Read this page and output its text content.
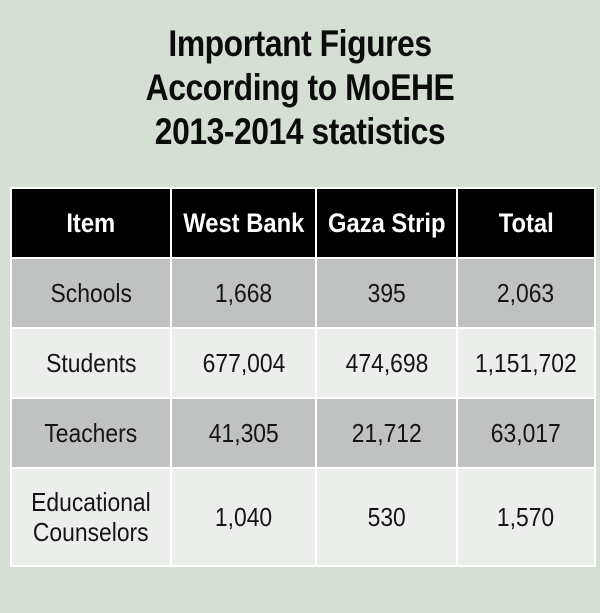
Important Figures
According to MoEHE
2013-2014 statistics
Item	West Bank	Gaza Strip	Total
Schools	1,668	395	2,063
Students	677,004	474,698	1,151,702
Teachers	41,305	21,712	63,017
Educational
Counselors	1,040	530	1,570
